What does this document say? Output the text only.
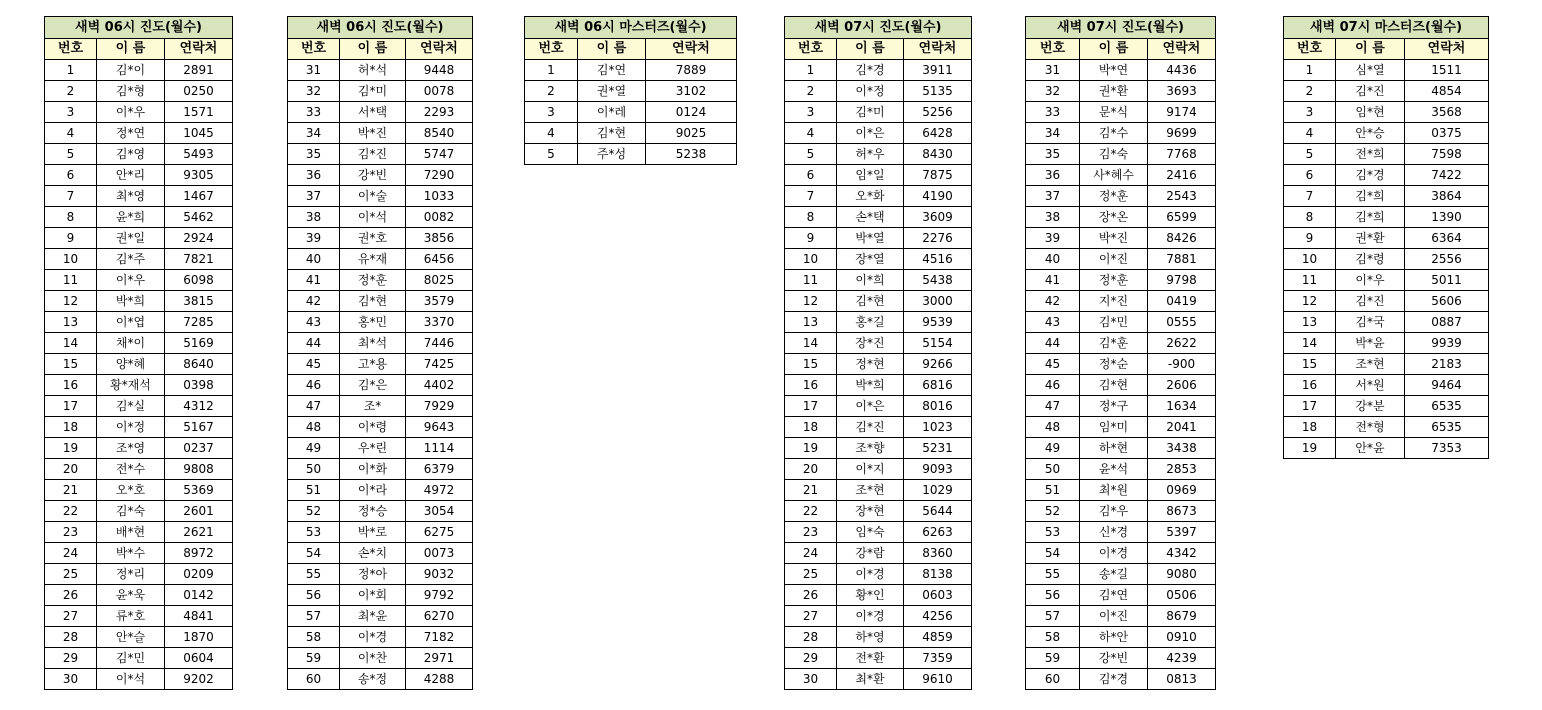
새벽 06시 진도(월수)		
번호	이 름	연락처
1	김*이	2891
2	김*형	0250
3	이*우	1571
4	정*연	1045
5	김*영	5493
6	안*리	9305
7	최*영	1467
8	윤*희	5462
9	권*일	2924
10	김*주	7821
11	이*우	6098
12	박*희	3815
13	이*엽	7285
14	채*이	5169
15	양*혜	8640
16	황*재석	0398
17	김*실	4312
18	이*정	5167
19	조*영	0237
20	전*수	9808
21	오*호	5369
22	김*숙	2601
23	배*현	2621
24	박*수	8972
25	정*리	0209
26	윤*욱	0142
27	류*호	4841
28	안*슬	1870
29	김*민	0604
30	이*석	9202
새벽 06시 진도(월수)		
번호	이 름	연락처
31	허*석	9448
32	김*미	0078
33	서*택	2293
34	박*진	8540
35	김*진	5747
36	강*빈	7290
37	이*술	1033
38	이*석	0082
39	권*호	3856
40	유*재	6456
41	정*훈	8025
42	김*현	3579
43	홍*민	3370
44	최*석	7446
45	고*용	7425
46	김*은	4402
47	조*	7929
48	이*령	9643
49	우*린	1114
50	이*화	6379
51	이*라	4972
52	정*승	3054
53	박*로	6275
54	손*치	0073
55	정*아	9032
56	이*회	9792
57	최*윤	6270
58	이*경	7182
59	이*찬	2971
60	송*정	4288
새벽 06시 마스터즈(월수)		
번호	이 름	연락처
1	김*연	7889
2	권*열	3102
3	이*레	0124
4	김*현	9025
5	주*성	5238
새벽 07시 진도(월수)		
번호	이 름	연락처
1	김*경	3911
2	이*정	5135
3	김*미	5256
4	이*은	6428
5	허*우	8430
6	임*일	7875
7	오*화	4190
8	손*택	3609
9	박*열	2276
10	장*열	4516
11	이*희	5438
12	김*현	3000
13	홍*길	9539
14	장*진	5154
15	정*현	9266
16	박*희	6816
17	이*은	8016
18	김*진	1023
19	조*향	5231
20	이*지	9093
21	조*현	1029
22	장*현	5644
23	임*숙	6263
24	강*람	8360
25	이*경	8138
26	황*인	0603
27	이*경	4256
28	하*영	4859
29	전*환	7359
30	최*환	9610
새벽 07시 진도(월수)		
번호	이 름	연락처
31	박*연	4436
32	권*환	3693
33	문*식	9174
34	김*수	9699
35	김*숙	7768
36	사*혜수	2416
37	정*훈	2543
38	장*온	6599
39	박*진	8426
40	이*진	7881
41	정*훈	9798
42	지*진	0419
43	김*민	0555
44	김*훈	2622
45	정*순	-900
46	김*현	2606
47	정*구	1634
48	임*미	2041
49	하*현	3438
50	윤*석	2853
51	최*원	0969
52	김*우	8673
53	신*경	5397
54	이*경	4342
55	송*길	9080
56	김*연	0506
57	이*진	8679
58	하*안	0910
59	강*빈	4239
60	김*경	0813
새벽 07시 마스터즈(월수)		
번호	이 름	연락처
1	심*열	1511
2	김*진	4854
3	임*현	3568
4	안*승	0375
5	전*희	7598
6	김*경	7422
7	김*희	3864
8	김*희	1390
9	권*환	6364
10	김*령	2556
11	이*우	5011
12	김*진	5606
13	김*국	0887
14	박*윤	9939
15	조*현	2183
16	서*원	9464
17	강*분	6535
18	전*형	6535
19	안*윤	7353
